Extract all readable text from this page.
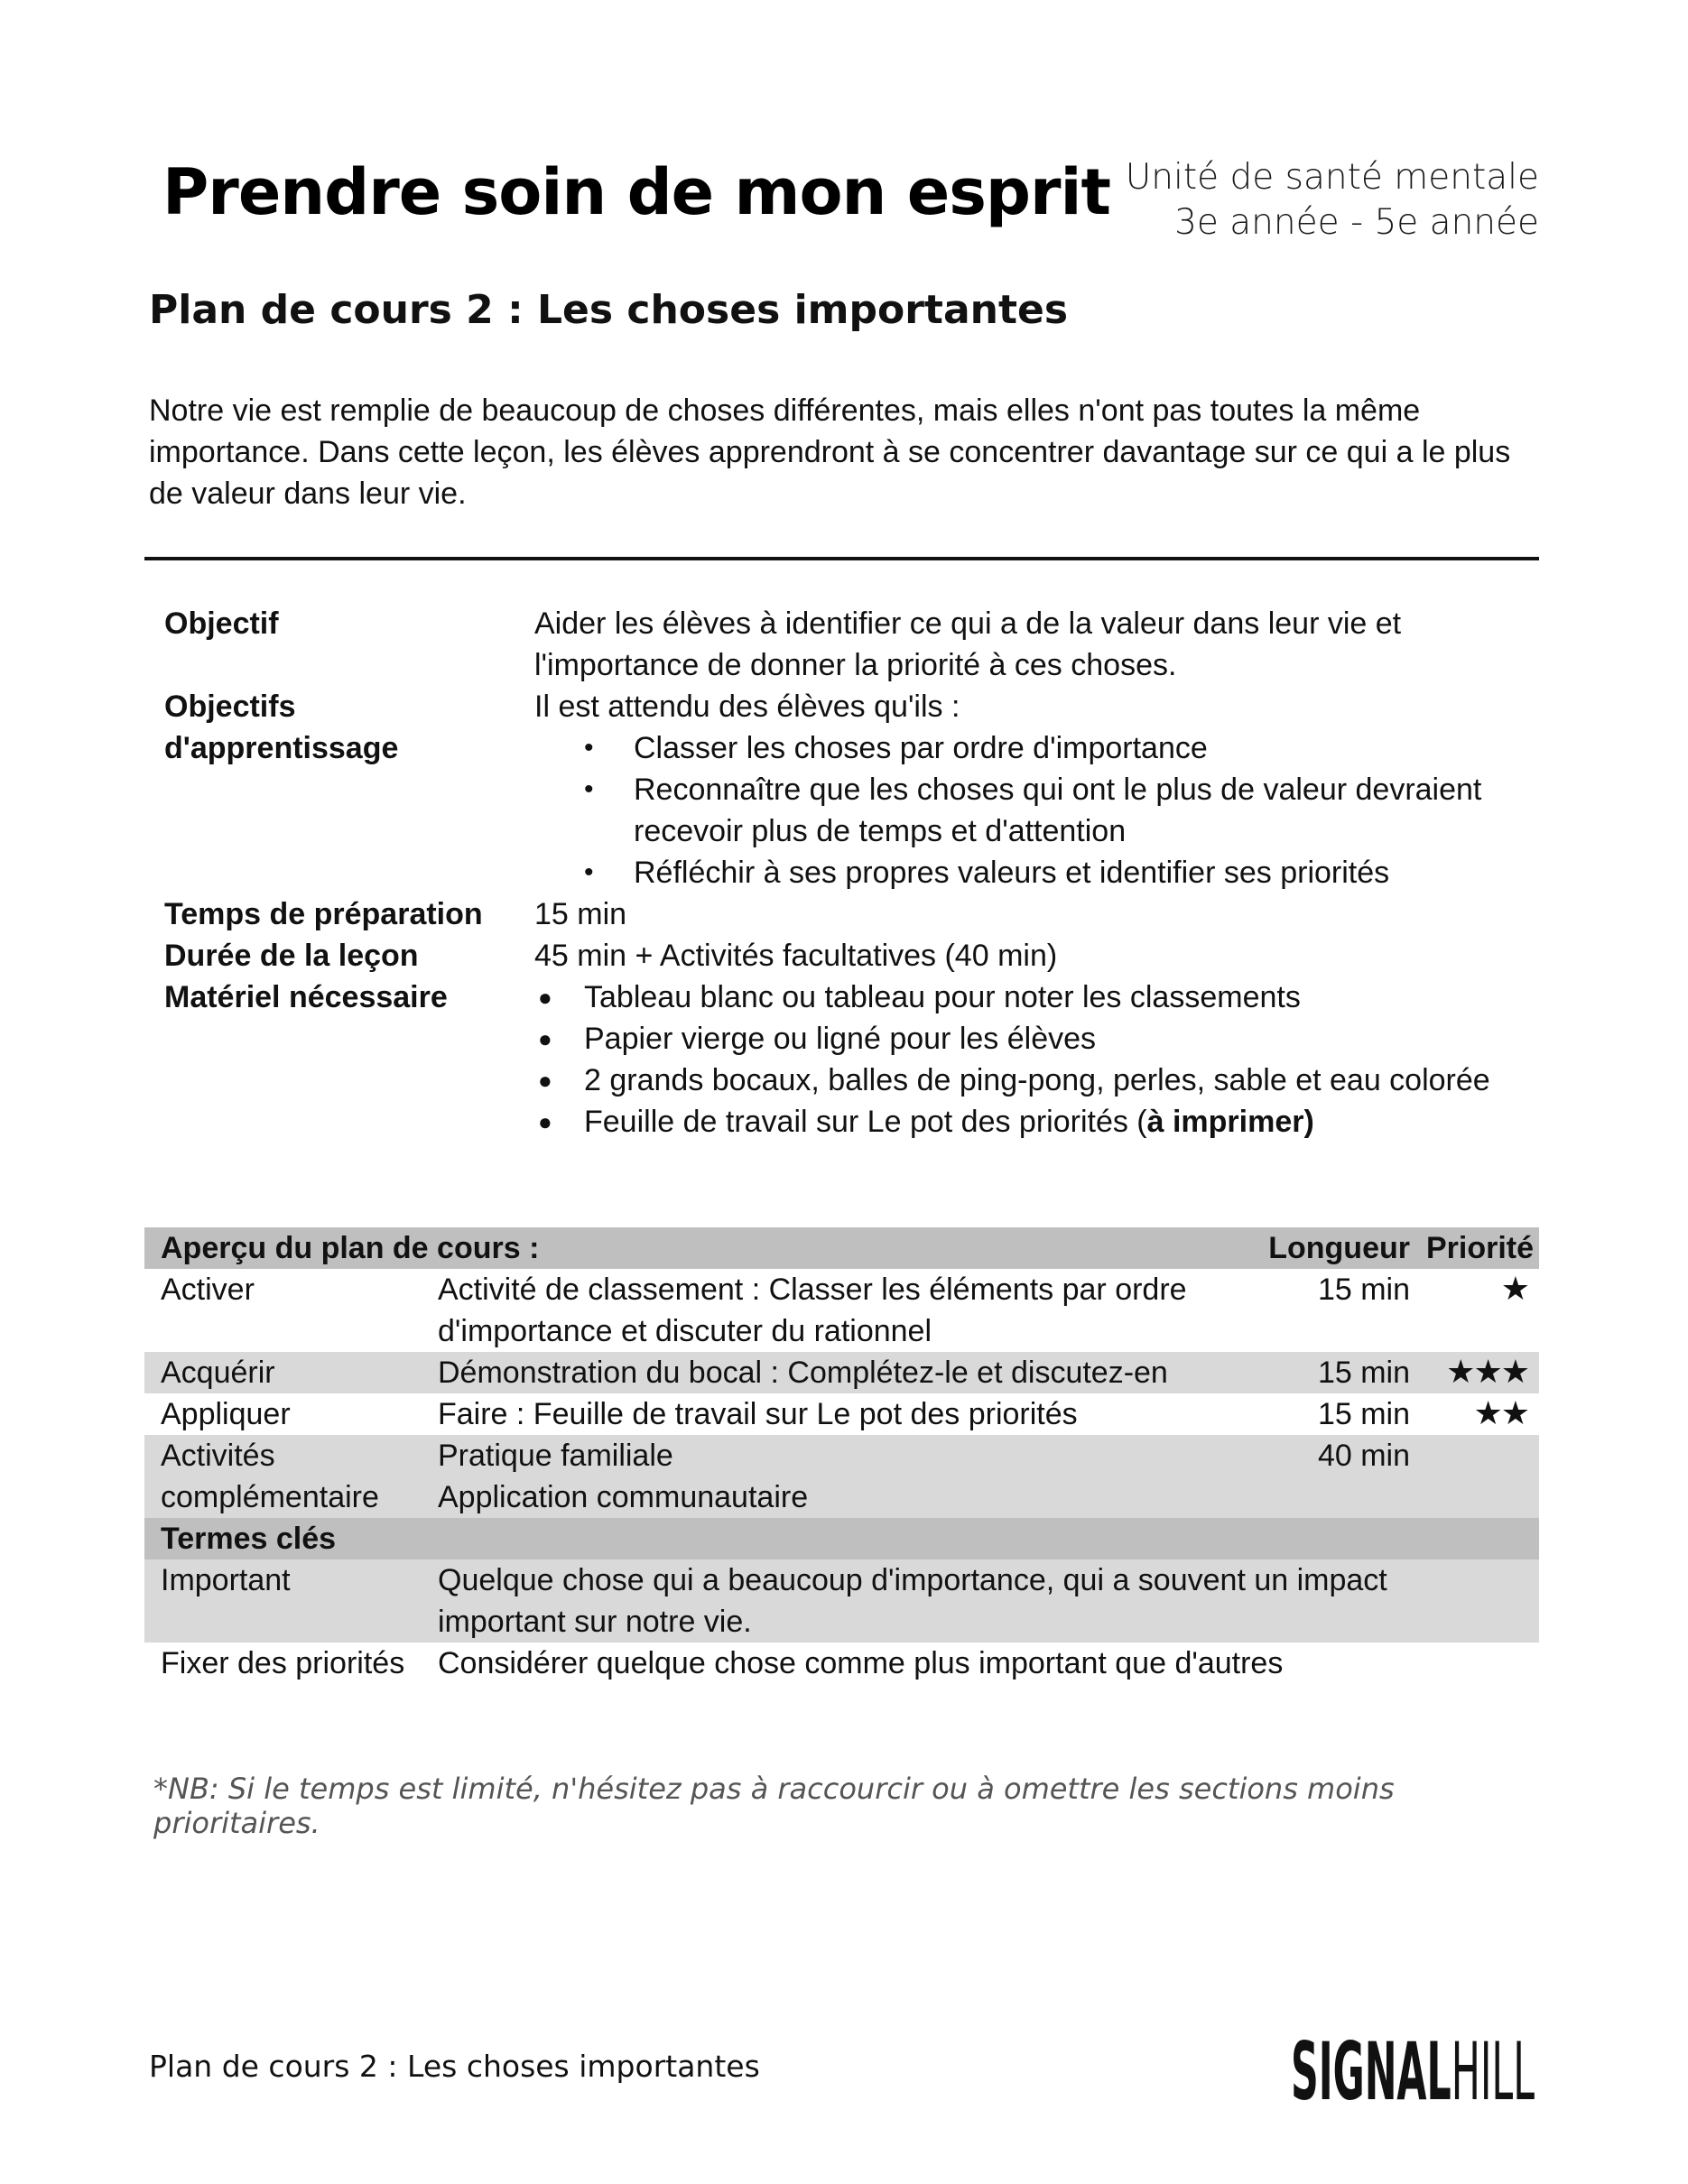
Prendre soin de mon esprit Unité de santé mentale
3e année - 5e année
Plan de cours 2 : Les choses importantes

Notre vie est remplie de beaucoup de choses différentes, mais elles n'ont pas toutes la même importance. Dans cette leçon, les élèves apprendront à se concentrer davantage sur ce qui a le plus de valeur dans leur vie.

Objectif	Aider les élèves à identifier ce qui a de la valeur dans leur vie et l'importance de donner la priorité à ces choses.
Objectifs d'apprentissage
Il est attendu des élèves qu'ils :
• Classer les choses par ordre d'importance
• Reconnaître que les choses qui ont le plus de valeur devraient recevoir plus de temps et d'attention
• Réfléchir à ses propres valeurs et identifier ses priorités
Temps de préparation	15 min
Durée de la leçon	45 min + Activités facultatives (40 min)
Matériel nécessaire
●	Tableau blanc ou tableau pour noter les classements
● Papier vierge ou ligné pour les élèves
● 2 grands bocaux, balles de ping-pong, perles, sable et eau colorée
● Feuille de travail sur Le pot des priorités (à imprimer)
Aperçu du plan de cours :	Longueur Priorité
Activer	Activité de classement : Classer les éléments par ordre d'importance et discuter du rationnel
15 min	★
Acquérir	Démonstration du bocal : Complétez-le et discutez-en	15 min	★★★
Appliquer	Faire : Feuille de travail sur Le pot des priorités	15 min	★★
Activités complémentaire
Pratique familiale
Application communautaire
40 min
Termes clés
Important	Quelque chose qui a beaucoup d'importance, qui a souvent un impact important sur notre vie.
Fixer des priorités	Considérer quelque chose comme plus important que d'autres

*NB: Si le temps est limité, n'hésitez pas à raccourcir ou à omettre les sections moins prioritaires.

Plan de cours 2 : Les choses importantes	SIGN HI
